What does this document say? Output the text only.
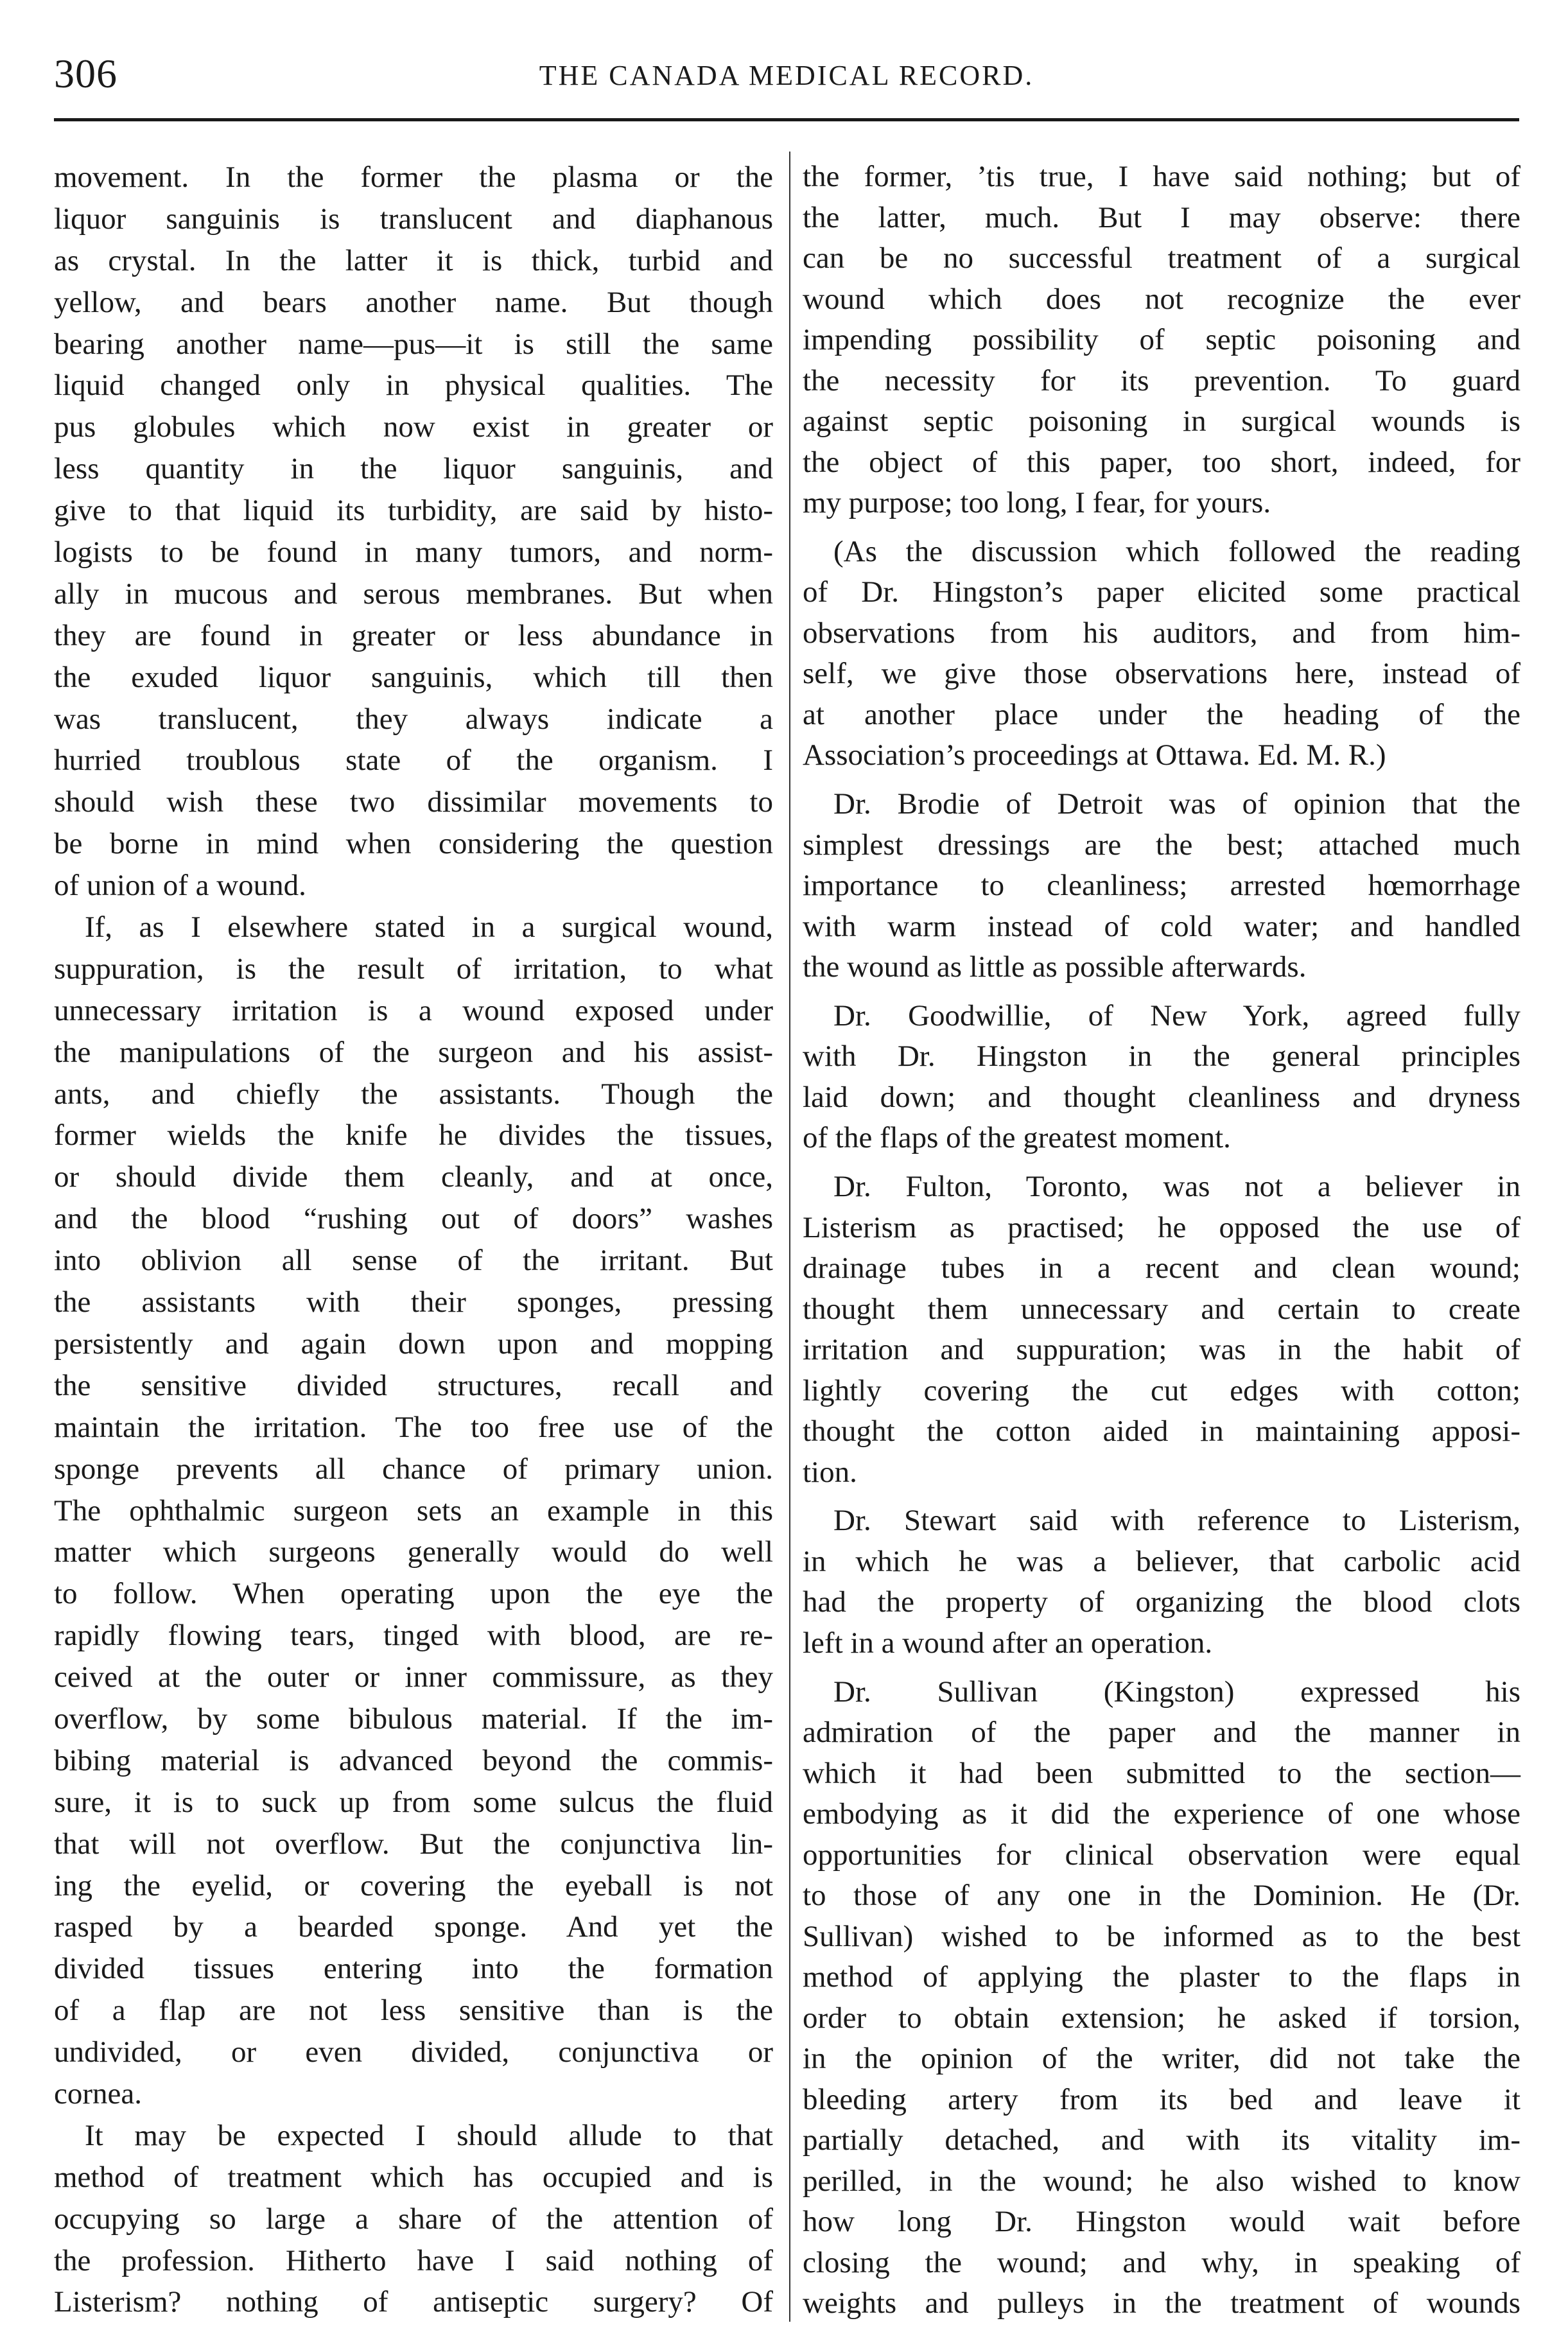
306	THE CANADA MEDICAL RECORD.
movement. In the former the plasma or the
liquor sanguinis is translucent and diaphanous
as crystal. In the latter it is thick, turbid and
yellow, and bears another name. But though
bearing another name—pus—it is still the same
liquid changed only in physical qualities. The
pus globules which now exist in greater or
less quantity in the liquor sanguinis, and
give to that liquid its turbidity, are said by histo-
logists to be found in many tumors, and norm-
ally in mucous and serous membranes. But when
they are found in greater or less abundance in
the exuded liquor sanguinis, which till then
was translucent, they always indicate a
hurried troublous state of the organism. I
should wish these two dissimilar movements to
be borne in mind when considering the question
of union of a wound.
If, as I elsewhere stated in a surgical wound,
suppuration, is the result of irritation, to what
unnecessary irritation is a wound exposed under
the manipulations of the surgeon and his assist-
ants, and chiefly the assistants. Though the
former wields the knife he divides the tissues,
or should divide them cleanly, and at once,
and the blood “rushing out of doors” washes
into oblivion all sense of the irritant. But
the assistants with their sponges, pressing
persistently and again down upon and mopping
the sensitive divided structures, recall and
maintain the irritation. The too free use of the
sponge prevents all chance of primary union.
The ophthalmic surgeon sets an example in this
matter which surgeons generally would do well
to follow. When operating upon the eye the
rapidly flowing tears, tinged with blood, are re-
ceived at the outer or inner commissure, as they
overflow, by some bibulous material. If the im-
bibing material is advanced beyond the commis-
sure, it is to suck up from some sulcus the fluid
that will not overflow. But the conjunctiva lin-
ing the eyelid, or covering the eyeball is not
rasped by a bearded sponge. And yet the
divided tissues entering into the formation
of a flap are not less sensitive than is the
undivided, or even divided, conjunctiva or
cornea.
It may be expected I should allude to that
method of treatment which has occupied and is
occupying so large a share of the attention of
the profession. Hitherto have I said nothing of
Listerism? nothing of antiseptic surgery? Of
the former, ’tis true, I have said nothing; but of
the latter, much. But I may observe: there
can be no successful treatment of a surgical
wound which does not recognize the ever
impending possibility of septic poisoning and
the necessity for its prevention. To guard
against septic poisoning in surgical wounds is
the object of this paper, too short, indeed, for
my purpose; too long, I fear, for yours.
(As the discussion which followed the reading
of Dr. Hingston’s paper elicited some practical
observations from his auditors, and from him-
self, we give those observations here, instead of
at another place under the heading of the
Association’s proceedings at Ottawa. Ed. M. R.)
Dr. Brodie of Detroit was of opinion that the
simplest dressings are the best; attached much
importance to cleanliness; arrested hœmorrhage
with warm instead of cold water; and handled
the wound as little as possible afterwards.
Dr. Goodwillie, of New York, agreed fully
with Dr. Hingston in the general principles
laid down; and thought cleanliness and dryness
of the flaps of the greatest moment.
Dr. Fulton, Toronto, was not a believer in
Listerism as practised; he opposed the use of
drainage tubes in a recent and clean wound;
thought them unnecessary and certain to create
irritation and suppuration; was in the habit of
lightly covering the cut edges with cotton;
thought the cotton aided in maintaining apposi-
tion.
Dr. Stewart said with reference to Listerism,
in which he was a believer, that carbolic acid
had the property of organizing the blood clots
left in a wound after an operation.
Dr. Sullivan (Kingston) expressed his
admiration of the paper and the manner in
which it had been submitted to the section—
embodying as it did the experience of one whose
opportunities for clinical observation were equal
to those of any one in the Dominion. He (Dr.
Sullivan) wished to be informed as to the best
method of applying the plaster to the flaps in
order to obtain extension; he asked if torsion,
in the opinion of the writer, did not take the
bleeding artery from its bed and leave it
partially detached, and with its vitality im-
perilled, in the wound; he also wished to know
how long Dr. Hingston would wait before
closing the wound; and why, in speaking of
weights and pulleys in the treatment of wounds
